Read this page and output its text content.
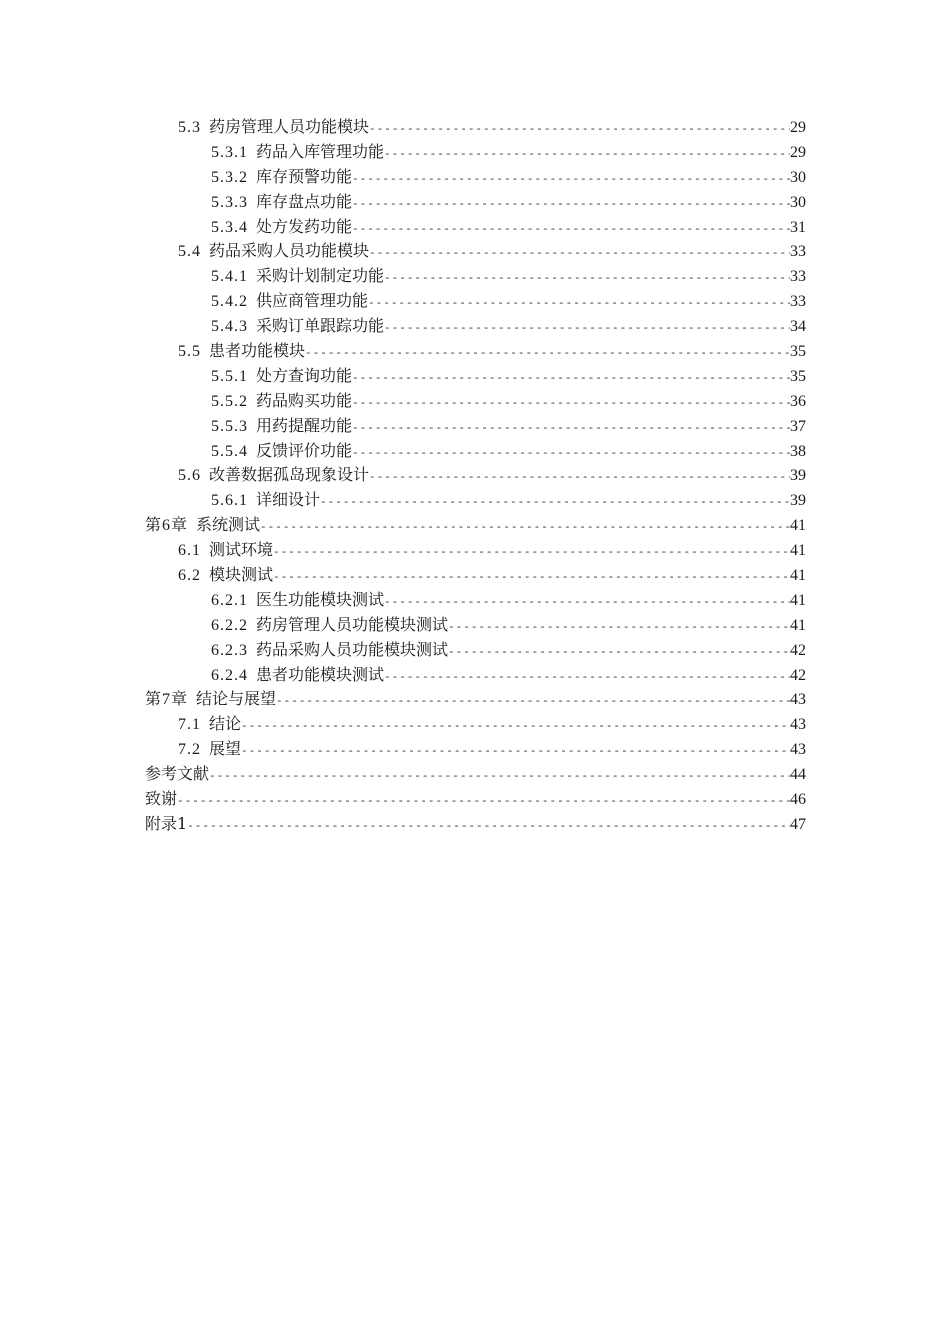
5.3 药房管理人员功能模块 -----	29
5.3.1 药品入库管理功能 -----	29
5.3.2 库存预警功能 -----	30
5.3.3 库存盘点功能 -----	30
5.3.4 处方发药功能 -----	31
5.4 药品采购人员功能模块 -----	33
5.4.1 采购计划制定功能 -----	33
5.4.2 供应商管理功能 -----	33
5.4.3 采购订单跟踪功能 -----	34
5.5 患者功能模块 -----	35
5.5.1 处方查询功能 -----	35
5.5.2 药品购买功能 -----	36
5.5.3 用药提醒功能 -----	37
5.5.4 反馈评价功能 -----	38
5.6 改善数据孤岛现象设计 -----	39
5.6.1 详细设计 -----	39
第6章 系统测试 -----	41
6.1 测试环境 -----	41
6.2 模块测试 -----	41
6.2.1 医生功能模块测试 -----	41
6.2.2 药房管理人员功能模块测试 -----	41
6.2.3 药品采购人员功能模块测试 -----	42
6.2.4 患者功能模块测试 -----	42
第7章 结论与展望 -----	43
7.1 结论 -----	43
7.2 展望 -----	43
参考文献 -----	44
致谢 -----	46
附录1 -----	47
